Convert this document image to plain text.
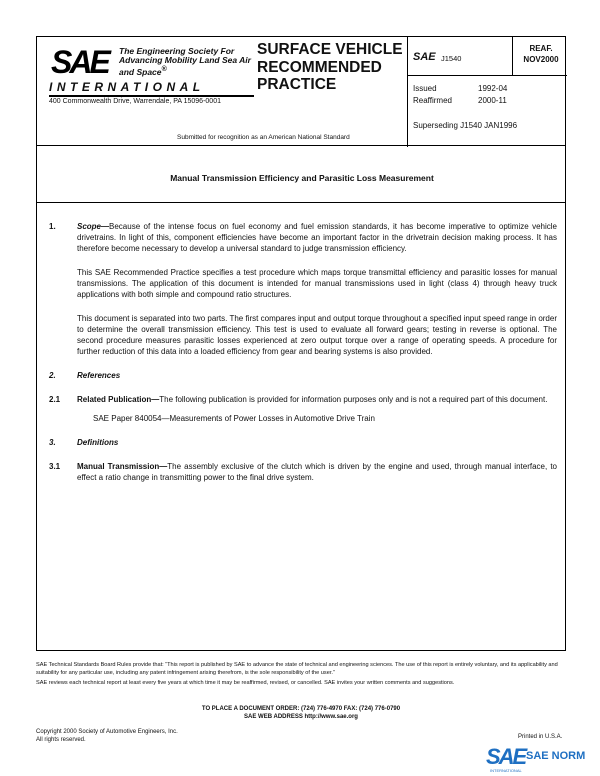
SAE	The Engineering Society For Advancing Mobility Land Sea Air and Space®
INTERNATIONAL
400 Commonwealth Drive, Warrendale, PA 15096-0001
Submitted for recognition as an American National Standard
SURFACE VEHICLE RECOMMENDED PRACTICE
SAE J1540
REAF.
NOV2000
Issued	1992-04
Reaffirmed	2000-11
Superseding J1540 JAN1996
Manual Transmission Efficiency and Parasitic Loss Measurement
1.	Scope—Because of the intense focus on fuel economy and fuel emission standards, it has become imperative to optimize vehicle drivetrains. In light of this, component efficiencies have become an important factor in the drivetrain decision making process. It has therefore become necessary to develop a universal standard to judge transmission efficiency.

This SAE Recommended Practice specifies a test procedure which maps torque transmittal efficiency and parasitic losses for manual transmissions. The application of this document is intended for manual transmissions used in light (class 4) through heavy truck applications with both simple and compound ratio structures.

This document is separated into two parts. The first compares input and output torque throughout a specified input speed range in order to determine the overall transmission efficiency. This test is used to evaluate all forward gears; testing in reverse is optional. The second procedure measures parasitic losses experienced at zero output torque over a range of operating speeds. A procedure for further reduction of this data into a loaded efficiency from gear and bearing systems is also provided.

2.	References
2.1	Related Publication—The following publication is provided for information purposes only and is not a required part of this document.
SAE Paper 840054—Measurements of Power Losses in Automotive Drive Train
3.	Definitions
3.1	Manual Transmission—The assembly exclusive of the clutch which is driven by the engine and used, through manual interface, to effect a ratio change in transmitting power to the final drive system.

SAE Technical Standards Board Rules provide that: “This report is published by SAE to advance the state of technical and engineering sciences. The use of this report is entirely voluntary, and its applicability and suitability for any particular use, including any patent infringement arising therefrom, is the sole responsibility of the user.”

SAE reviews each technical report at least every five years at which time it may be reaffirmed, revised, or cancelled. SAE invites your written comments and suggestions.

TO PLACE A DOCUMENT ORDER: (724) 776-4970 FAX: (724) 776-0790
SAE WEB ADDRESS http://www.sae.org
Copyright 2000 Society of Automotive Engineers, Inc.
All rights reserved.	Printed in U.S.A.
SAE SAE NORM
INTERNATIONAL
